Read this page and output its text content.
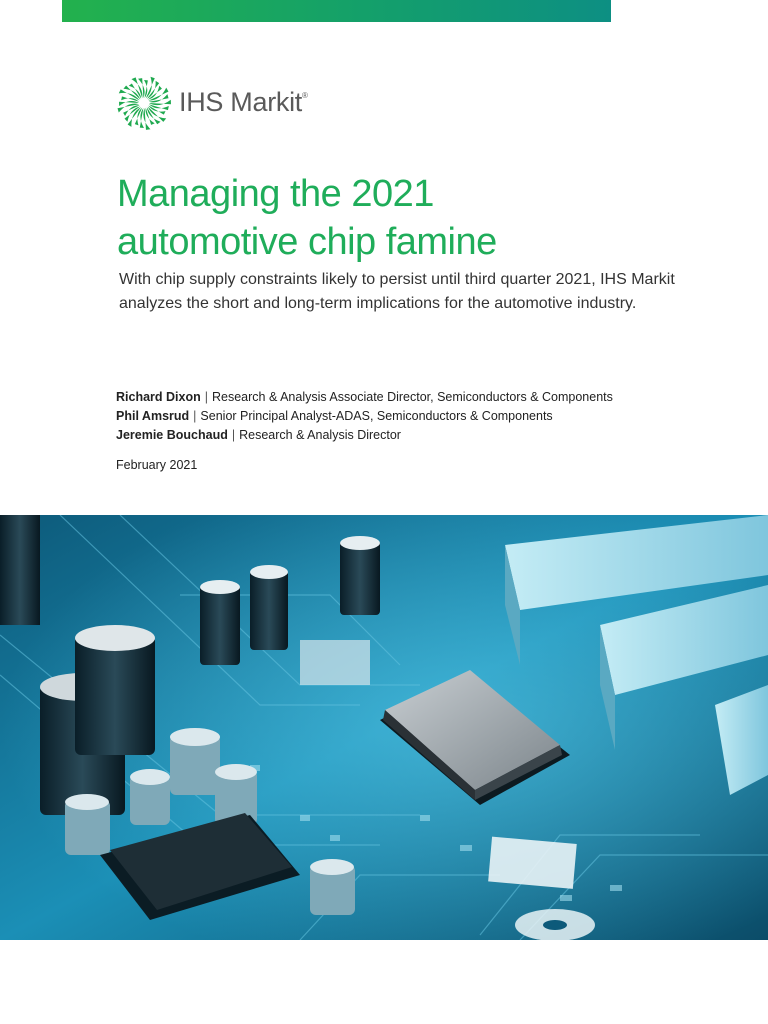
IHS Markit®
Managing the 2021
automotive chip famine

With chip supply constraints likely to persist until third quarter 2021, IHS Markit analyzes the short and long-term implications for the automotive industry.

Richard Dixon | Research & Analysis Associate Director, Semiconductors & Components
Phil Amsrud | Senior Principal Analyst-ADAS, Semiconductors & Components
Jeremie Bouchaud | Research & Analysis Director
February 2021
